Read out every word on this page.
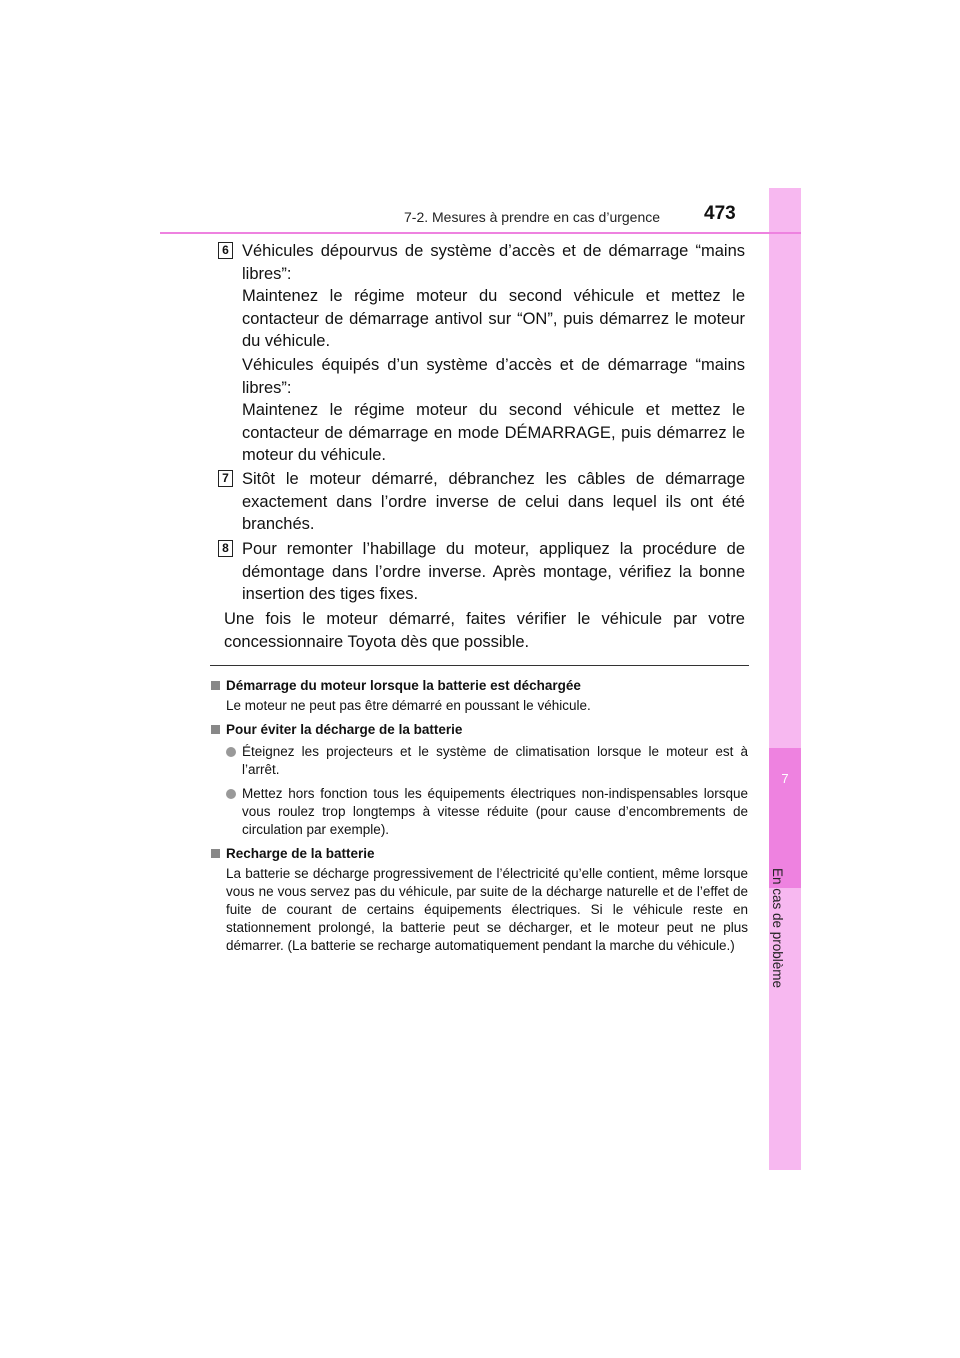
7
En cas de problème
7-2. Mesures à prendre en cas d’urgence 473
6 Véhicules dépourvus de système d’accès et de démarrage “mains libres”:

Maintenez le régime moteur du second véhicule et mettez le contacteur de démarrage antivol sur “ON”, puis démarrez le moteur du véhicule.

Véhicules équipés d’un système d’accès et de démarrage “mains libres”:

Maintenez le régime moteur du second véhicule et mettez le contacteur de démarrage en mode DÉMARRAGE, puis démarrez le moteur du véhicule.

7 Sitôt le moteur démarré, débranchez les câbles de démarrage exactement dans l’ordre inverse de celui dans lequel ils ont été branchés.
8 Pour remonter l’habillage du moteur, appliquez la procédure de démontage dans l’ordre inverse. Après montage, vérifiez la bonne insertion des tiges fixes.
Une fois le moteur démarré, faites vérifier le véhicule par votre concessionnaire Toyota dès que possible.
Démarrage du moteur lorsque la batterie est déchargée
Le moteur ne peut pas être démarré en poussant le véhicule.
Pour éviter la décharge de la batterie
Éteignez les projecteurs et le système de climatisation lorsque le moteur est à l’arrêt.
Mettez hors fonction tous les équipements électriques non-indispensables lorsque vous roulez trop longtemps à vitesse réduite (pour cause d’encombrements de circulation par exemple).
Recharge de la batterie
La batterie se décharge progressivement de l’électricité qu’elle contient, même lorsque vous ne vous servez pas du véhicule, par suite de la décharge naturelle et de l’effet de fuite de courant de certains équipements électriques. Si le véhicule reste en stationnement prolongé, la batterie peut se décharger, et le moteur peut ne plus démarrer. (La batterie se recharge automatiquement pendant la marche du véhicule.)
